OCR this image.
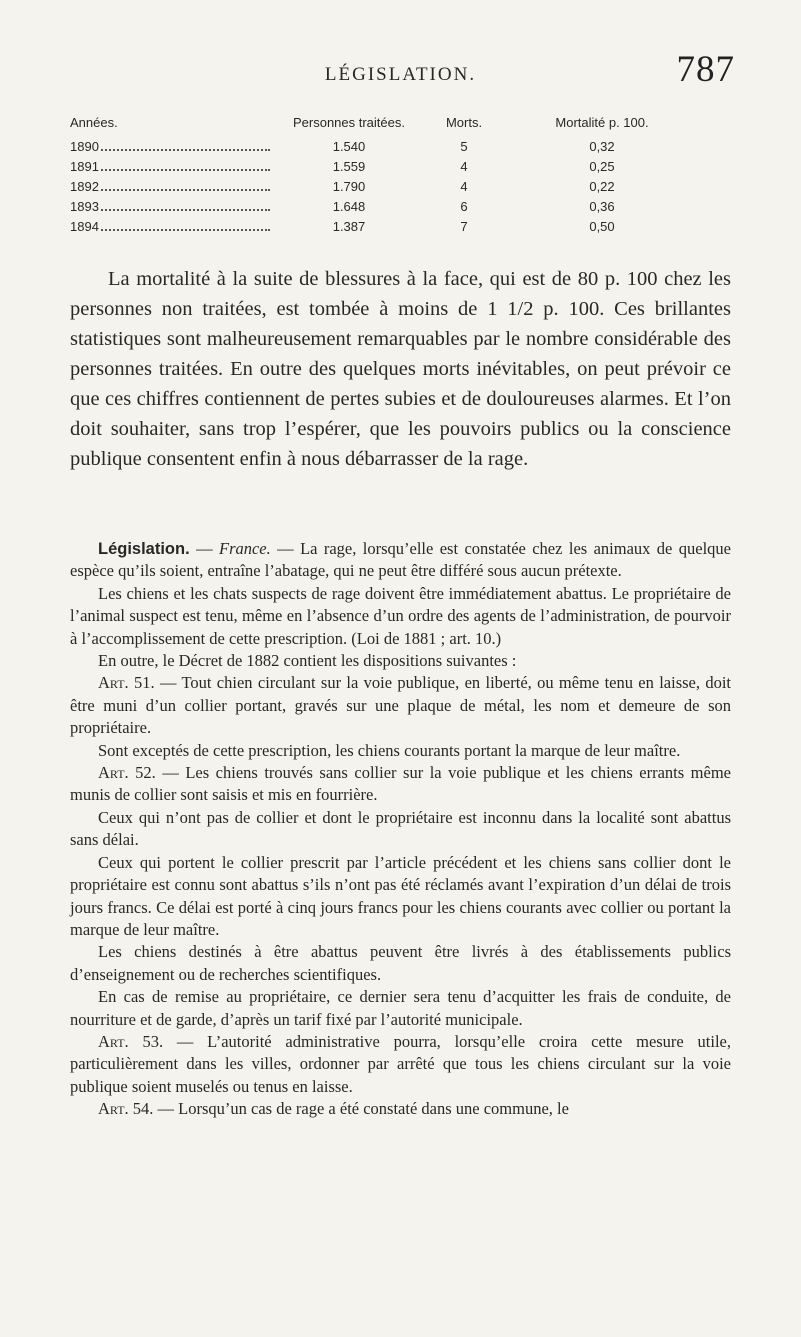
LÉGISLATION.	787
Années.	Personnes traitées.	Morts.	Mortalité p. 100.

1890	1.540	5	0,32

1891	1.559	4	0,25

1892	1.790	4	0,22

1893	1.648	6	0,36

1894	1.387	7	0,50

La mortalité à la suite de blessures à la face, qui est de 80 p. 100 chez les personnes non traitées, est tombée à moins de 1 1/2 p. 100. Ces brillantes statistiques sont malheureusement remarquables par le nombre considérable des personnes traitées. En outre des quelques morts inévitables, on peut prévoir ce que ces chiffres contiennent de pertes subies et de douloureuses alarmes. Et l’on doit souhaiter, sans trop l’espérer, que les pouvoirs publics ou la conscience publique consentent enfin à nous débarrasser de la rage.

Législation. — France. — La rage, lorsqu’elle est constatée chez les animaux de quelque espèce qu’ils soient, entraîne l’abatage, qui ne peut être différé sous aucun prétexte.

Les chiens et les chats suspects de rage doivent être immédiatement abattus. Le propriétaire de l’animal suspect est tenu, même en l’absence d’un ordre des agents de l’administration, de pourvoir à l’accomplissement de cette prescription. (Loi de 1881 ; art. 10.)

En outre, le Décret de 1882 contient les dispositions suivantes :

Art. 51. — Tout chien circulant sur la voie publique, en liberté, ou même tenu en laisse, doit être muni d’un collier portant, gravés sur une plaque de métal, les nom et demeure de son propriétaire.

Sont exceptés de cette prescription, les chiens courants portant la marque de leur maître.

Art. 52. — Les chiens trouvés sans collier sur la voie publique et les chiens errants même munis de collier sont saisis et mis en fourrière.

Ceux qui n’ont pas de collier et dont le propriétaire est inconnu dans la localité sont abattus sans délai.

Ceux qui portent le collier prescrit par l’article précédent et les chiens sans collier dont le propriétaire est connu sont abattus s’ils n’ont pas été réclamés avant l’expiration d’un délai de trois jours francs. Ce délai est porté à cinq jours francs pour les chiens courants avec collier ou portant la marque de leur maître.

Les chiens destinés à être abattus peuvent être livrés à des établissements publics d’enseignement ou de recherches scientifiques.

En cas de remise au propriétaire, ce dernier sera tenu d’acquitter les frais de conduite, de nourriture et de garde, d’après un tarif fixé par l’autorité municipale.

Art. 53. — L’autorité administrative pourra, lorsqu’elle croira cette mesure utile, particulièrement dans les villes, ordonner par arrêté que tous les chiens circulant sur la voie publique soient muselés ou tenus en laisse.

Art. 54. — Lorsqu’un cas de rage a été constaté dans une commune, le
